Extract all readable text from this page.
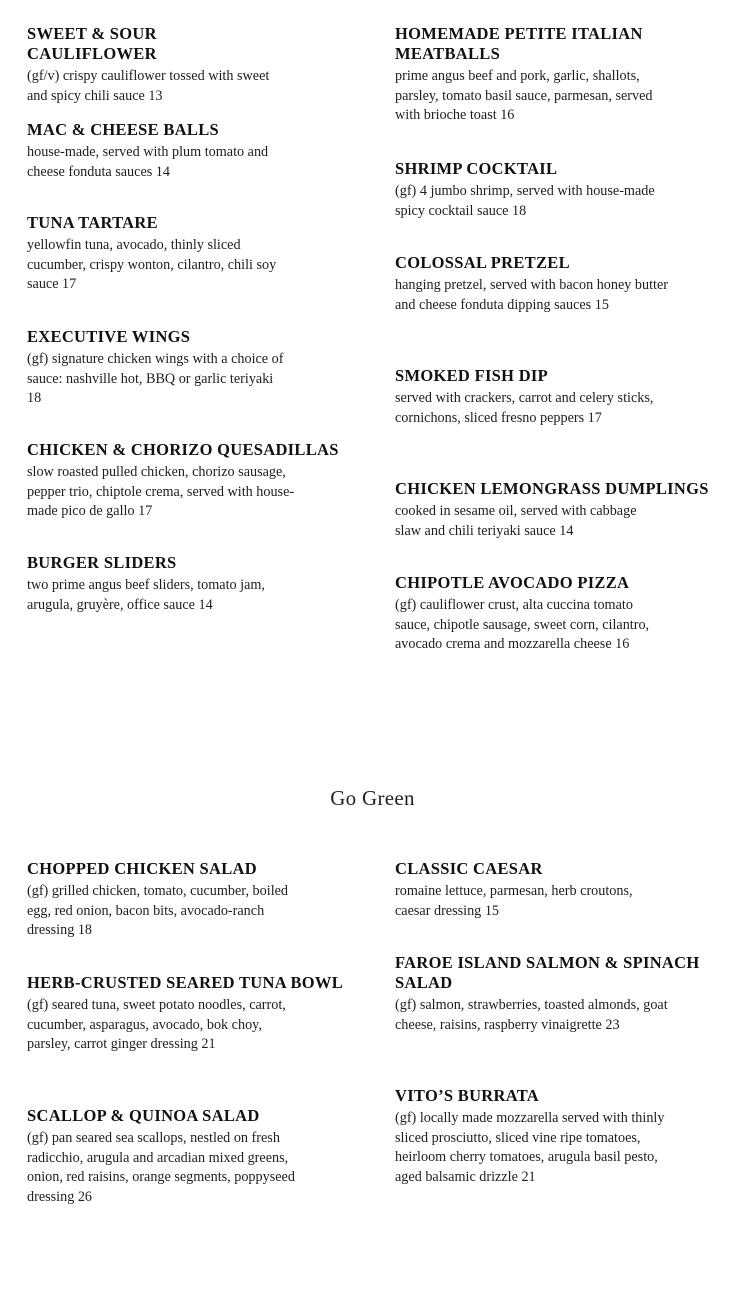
SWEET & SOUR CAULIFLOWER

(gf/v) crispy cauliflower tossed with sweet and spicy chili sauce 13

MAC & CHEESE BALLS

house-made, served with plum tomato and cheese fonduta sauces 14

TUNA TARTARE

yellowfin tuna, avocado, thinly sliced cucumber, crispy wonton, cilantro, chili soy sauce 17

EXECUTIVE WINGS

(gf) signature chicken wings with a choice of sauce: nashville hot, BBQ or garlic teriyaki 18

CHICKEN & CHORIZO QUESADILLAS

slow roasted pulled chicken, chorizo sausage, pepper trio, chiptole crema, served with house-made pico de gallo 17

BURGER SLIDERS

two prime angus beef sliders, tomato jam, arugula, gruyère, office sauce 14

HOMEMADE PETITE ITALIAN MEATBALLS

prime angus beef and pork, garlic, shallots, parsley, tomato basil sauce, parmesan, served with brioche toast 16

SHRIMP COCKTAIL

(gf) 4 jumbo shrimp, served with house-made spicy cocktail sauce 18

COLOSSAL PRETZEL

hanging pretzel, served with bacon honey butter and cheese fonduta dipping sauces 15

SMOKED FISH DIP

served with crackers, carrot and celery sticks, cornichons, sliced fresno peppers 17

CHICKEN LEMONGRASS DUMPLINGS

cooked in sesame oil, served with cabbage slaw and chili teriyaki sauce 14

CHIPOTLE AVOCADO PIZZA

(gf) cauliflower crust, alta cuccina tomato sauce, chipotle sausage, sweet corn, cilantro, avocado crema and mozzarella cheese 16

Go Green
CHOPPED CHICKEN SALAD

(gf) grilled chicken, tomato, cucumber, boiled egg, red onion, bacon bits, avocado-ranch dressing 18

HERB-CRUSTED SEARED TUNA BOWL

(gf) seared tuna, sweet potato noodles, carrot, cucumber, asparagus, avocado, bok choy, parsley, carrot ginger dressing 21

SCALLOP & QUINOA SALAD

(gf) pan seared sea scallops, nestled on fresh radicchio, arugula and arcadian mixed greens, onion, red raisins, orange segments, poppyseed dressing 26

CLASSIC CAESAR

romaine lettuce, parmesan, herb croutons, caesar dressing 15

FAROE ISLAND SALMON & SPINACH SALAD

(gf) salmon, strawberries, toasted almonds, goat cheese, raisins, raspberry vinaigrette 23

VITO’S BURRATA

(gf) locally made mozzarella served with thinly sliced prosciutto, sliced vine ripe tomatoes, heirloom cherry tomatoes, arugula basil pesto, aged balsamic drizzle 21
